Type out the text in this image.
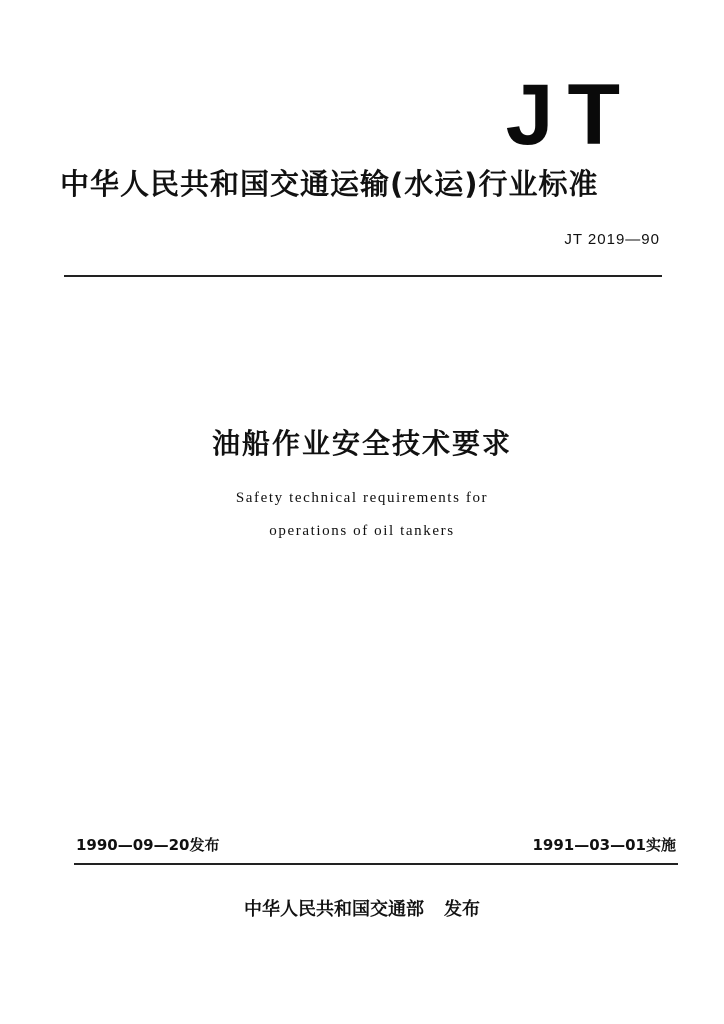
JT
中华人民共和国交通运输(水运)行业标准
JT 2019—90
油船作业安全技术要求
Safety technical requirements for
operations of oil tankers
1990—09—20发布	1991—03—01实施
中华人民共和国交通部 发布
